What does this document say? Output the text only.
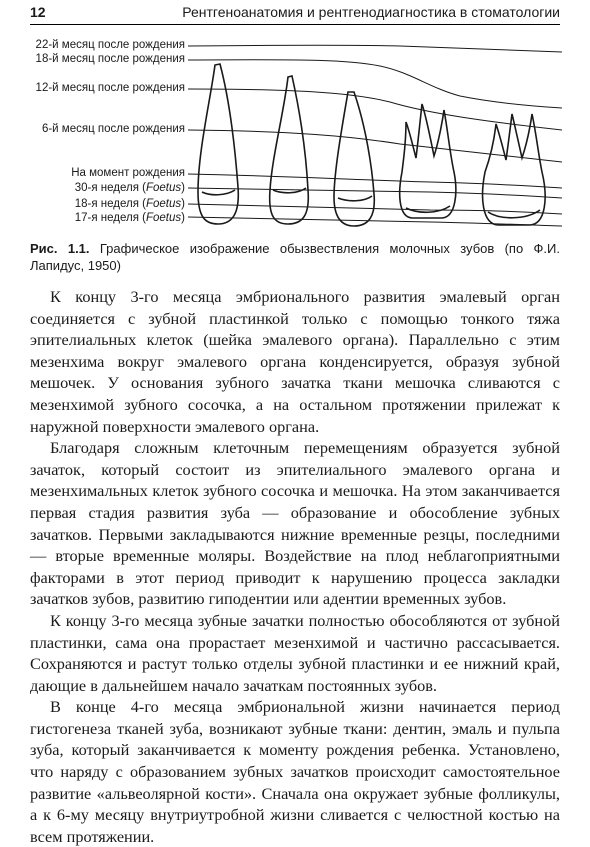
12	Рентгеноанатомия и рентгенодиагностика в стоматологии
22-й месяц после рождения
18-й месяц после рождения
12-й месяц после рождения
6-й месяц после рождения
На момент рождения
30-я неделя (Foetus)
18-я неделя (Foetus)
17-я неделя (Foetus)
Рис. 1.1. Графическое изображение обызвествления молочных зубов (по Ф.И. Лапидус, 1950)

К концу 3-го месяца эмбрионального развития эмалевый орган соединяется с зубной пластинкой только с помощью тонкого тяжа эпителиальных клеток (шейка эмалевого органа). Параллельно с этим мезенхима вокруг эмалевого органа конденсируется, образуя зубной мешочек. У основания зубного зачатка ткани мешочка сливаются с мезенхимой зубного сосочка, а на остальном протяжении прилежат к наружной поверхности эмалевого органа.

Благодаря сложным клеточным перемещениям образуется зубной зачаток, который состоит из эпителиального эмалевого органа и мезенхимальных клеток зубного сосочка и мешочка. На этом заканчивается первая стадия развития зуба — образование и обособление зубных зачатков. Первыми закладываются нижние временные резцы, последними — вторые временные моляры. Воздействие на плод неблагоприятными факторами в этот период приводит к нарушению процесса закладки зачатков зубов, развитию гиподентии или адентии временных зубов.

К концу 3-го месяца зубные зачатки полностью обособляются от зубной пластинки, сама она прорастает мезенхимой и частично рассасывается. Сохраняются и растут только отделы зубной пластинки и ее нижний край, дающие в дальнейшем начало зачаткам постоянных зубов.

В конце 4-го месяца эмбриональной жизни начинается период гистогенеза тканей зуба, возникают зубные ткани: дентин, эмаль и пульпа зуба, который заканчивается к моменту рождения ребенка. Установлено, что наряду с образованием зубных зачатков происходит самостоятельное развитие «альвеолярной кости». Сначала она окружает зубные фолликулы, а к 6-му месяцу внутриутробной жизни сливается с челюстной костью на всем протяжении.
